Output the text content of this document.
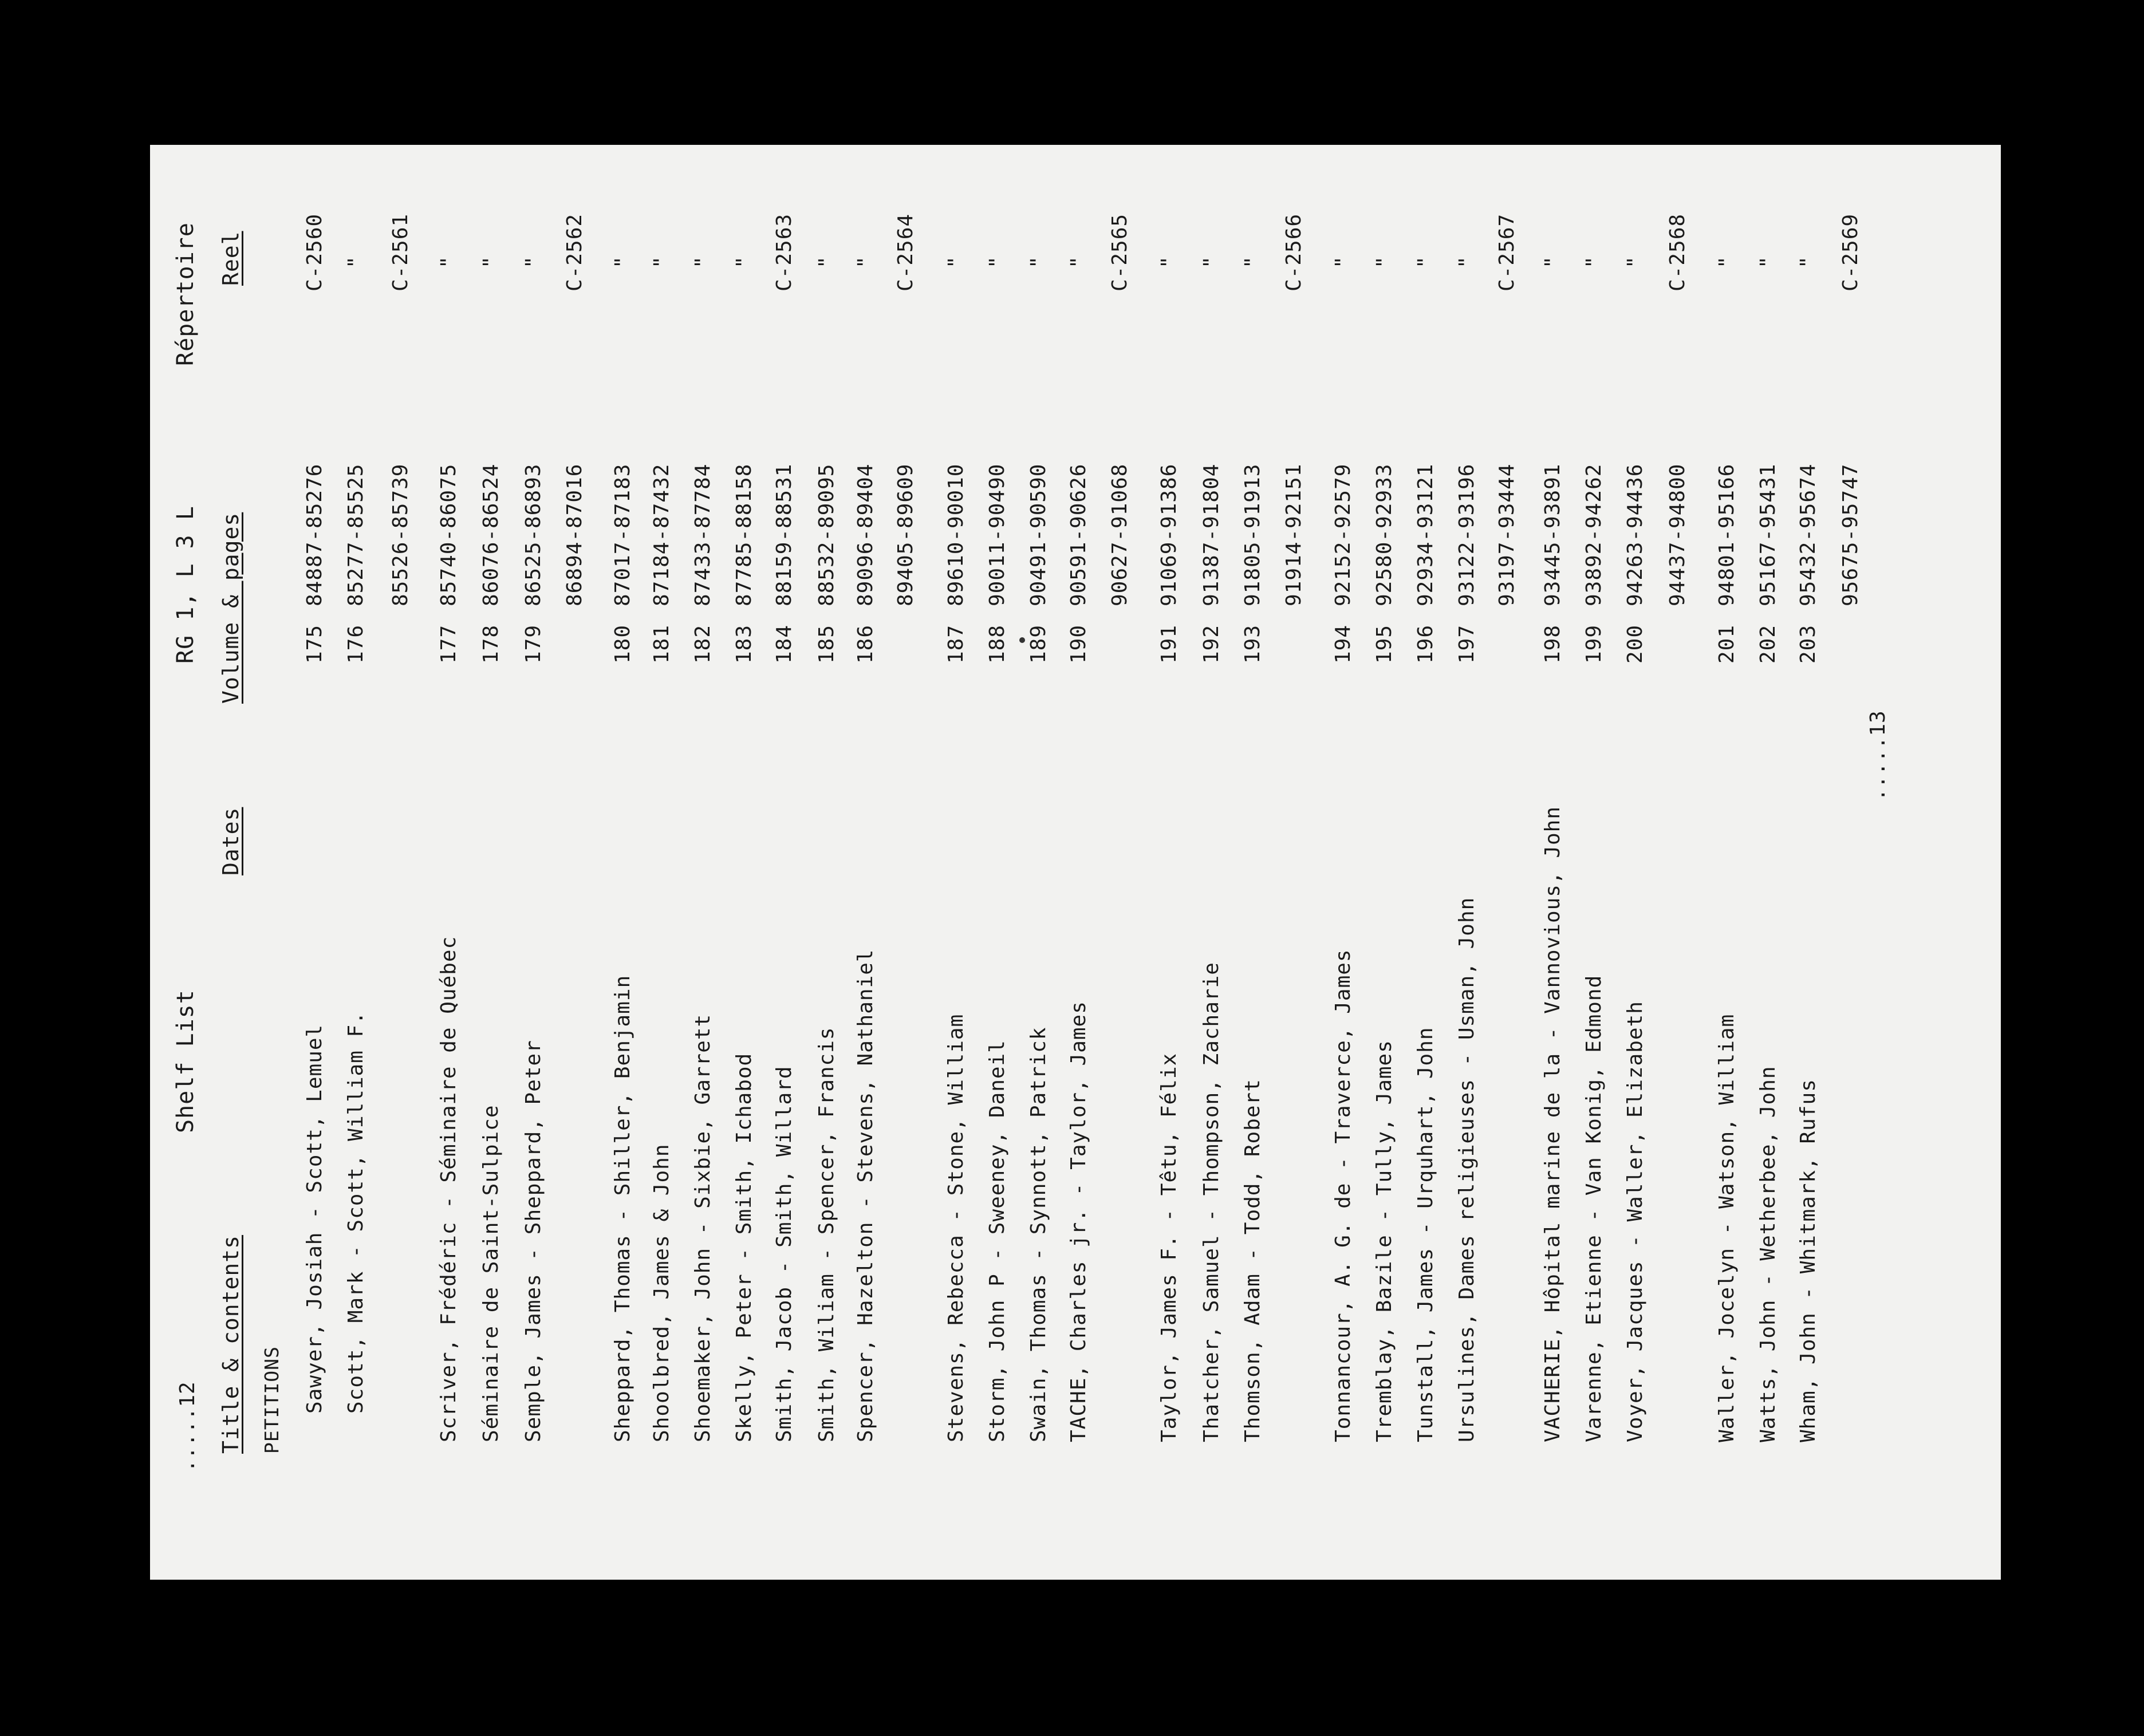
.....12
Shelf List
RG 1, L 3 L
Répertoire
Title & contents
Dates
Volume & pages
Reel
PETITIONS Sawyer, Josiah - Scott, Lemuel
175
84887-85276
C-2560
Scott, Mark - Scott, William F.
176
85277-85525
"
85526-85739
C-2561
Scriver, Frédéric - Séminaire de Québec
177
85740-86075
"
Séminaire de Saint-Sulpice
178
86076-86524
"
Semple, James - Sheppard, Peter
179
86525-86893
"
86894-87016
C-2562
Sheppard, Thomas - Shiller, Benjamin
180
87017-87183
"
Shoolbred, James & John
181
87184-87432
"
Shoemaker, John - Sixbie, Garrett
182
87433-87784
"
Skelly, Peter - Smith, Ichabod
183
87785-88158
"
Smith, Jacob - Smith, Willard
184
88159-88531
C-2563
Smith, Wiliam - Spencer, Francis
185
88532-89095
"
Spencer, Hazelton - Stevens, Nathaniel
186
89096-89404
"
89405-89609
C-2564
Stevens, Rebecca - Stone, William
187
89610-90010
"
Storm, John P - Sweeney, Daneil
188
90011-90490
"
Swain, Thomas - Synnott, Patrick
189
90491-90590
"
TACHE, Charles jr. - Taylor, James
190
90591-90626
"
90627-91068
C-2565
Taylor, James F. - Têtu, Félix
191
91069-91386
"
Thatcher, Samuel - Thompson, Zacharie
192
91387-91804
"
Thomson, Adam - Todd, Robert
193
91805-91913
"
91914-92151
C-2566
Tonnancour, A. G. de - Traverce, James
194
92152-92579
"
Tremblay, Bazile - Tully, James
195
92580-92933
"
Tunstall, James - Urquhart, John
196
92934-93121
"
Ursulines, Dames religieuses - Usman, John
197
93122-93196
"
93197-93444
C-2567
VACHERIE, Hôpital marine de la - Vannovious, John
198
93445-93891
"
Varenne, Etienne - Van Konig, Edmond
199
93892-94262
"
Voyer, Jacques - Waller, Elizabeth
200
94263-94436
"
94437-94800
C-2568
Waller, Jocelyn - Watson, William
201
94801-95166
"
Watts, John - Wetherbee, John
202
95167-95431
"
Wham, John - Whitmark, Rufus
203
95432-95674
"
95675-95747
C-2569
.....13
